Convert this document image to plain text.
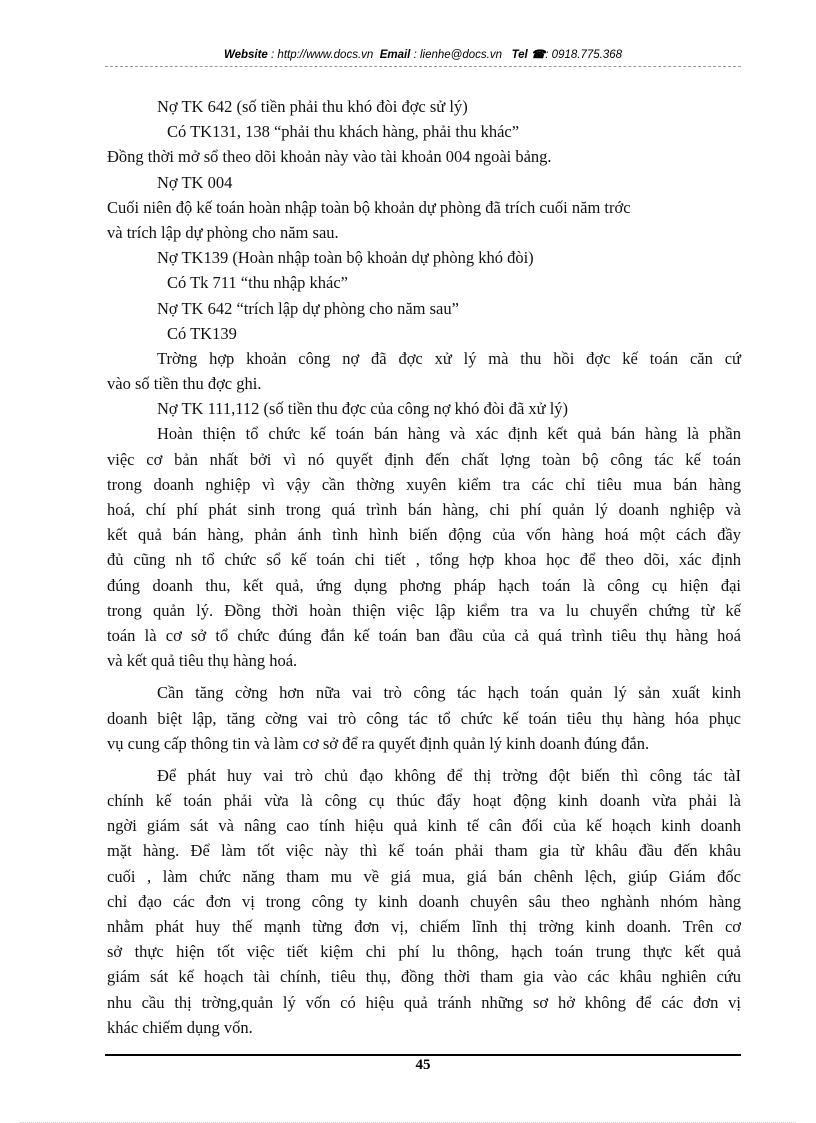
Website : http://www.docs.vn Email : lienhe@docs.vn Tel ☎: 0918.775.368
Nợ TK 642 (số tiền phải thu khó đòi đợc sử lý)
Có TK131, 138 “phải thu khách hàng, phải thu khác”
Đồng thời mở sổ theo dõi khoản này vào tài khoản 004 ngoài bảng.
Nợ TK 004
Cuối niên độ kế toán hoàn nhập toàn bộ khoản dự phòng đã trích cuối năm trớc
và trích lập dự phòng cho năm sau.
Nợ TK139 (Hoàn nhập toàn bộ khoản dự phòng khó đòi)
Có Tk 711 “thu nhập khác”
Nợ TK 642 “trích lập dự phòng cho năm sau”
Có TK139
Trờng hợp khoản công nợ đã đợc xử lý mà thu hồi đợc kế toán căn cứ
vào số tiền thu đợc ghi.
Nợ TK 111,112 (số tiền thu đợc của công nợ khó đòi đã xử lý)
Hoàn thiện tổ chức kế toán bán hàng và xác định kết quả bán hàng là phần
việc cơ bản nhất bởi vì nó quyết định đến chất lợng toàn bộ công tác kế toán
trong doanh nghiệp vì vậy cần thờng xuyên kiểm tra các chỉ tiêu mua bán hàng
hoá, chí phí phát sinh trong quá trình bán hàng, chi phí quản lý doanh nghiệp và
kết quả bán hàng, phản ánh tình hình biến động của vốn hàng hoá một cách đầy
đủ cũng nh tổ chức sổ kế toán chi tiết , tổng hợp khoa học để theo dõi, xác định
đúng doanh thu, kết quả, ứng dụng phơng pháp hạch toán là công cụ hiện đại
trong quản lý. Đồng thời hoàn thiện việc lập kiểm tra va lu chuyển chứng từ kế
toán là cơ sở tổ chức đúng đắn kế toán ban đầu của cả quá trình tiêu thụ hàng hoá
và kết quả tiêu thụ hàng hoá.
Cần tăng cờng hơn nữa vai trò công tác hạch toán quản lý sản xuất kinh
doanh biệt lập, tăng cờng vai trò công tác tổ chức kế toán tiêu thụ hàng hóa phục
vụ cung cấp thông tin và làm cơ sở để ra quyết định quản lý kinh doanh đúng đắn.
Để phát huy vai trò chủ đạo không để thị trờng đột biến thì công tác tàI
chính kế toán phải vừa là công cụ thúc đẩy hoạt động kinh doanh vừa phải là
ngời giám sát và nâng cao tính hiệu quả kinh tế cân đối của kế hoạch kinh doanh
mặt hàng. Để làm tốt việc này thì kế toán phải tham gia từ khâu đầu đến khâu
cuối , làm chức năng tham mu về giá mua, giá bán chênh lệch, giúp Giám đốc
chỉ đạo các đơn vị trong công ty kinh doanh chuyên sâu theo nghành nhóm hàng
nhằm phát huy thế mạnh từng đơn vị, chiếm lĩnh thị trờng kinh doanh. Trên cơ
sở thực hiện tốt việc tiết kiệm chi phí lu thông, hạch toán trung thực kết quả
giám sát kế hoạch tài chính, tiêu thụ, đồng thời tham gia vào các khâu nghiên cứu
nhu cầu thị trờng,quản lý vốn có hiệu quả tránh những sơ hở không để các đơn vị
khác chiếm dụng vốn.
45
